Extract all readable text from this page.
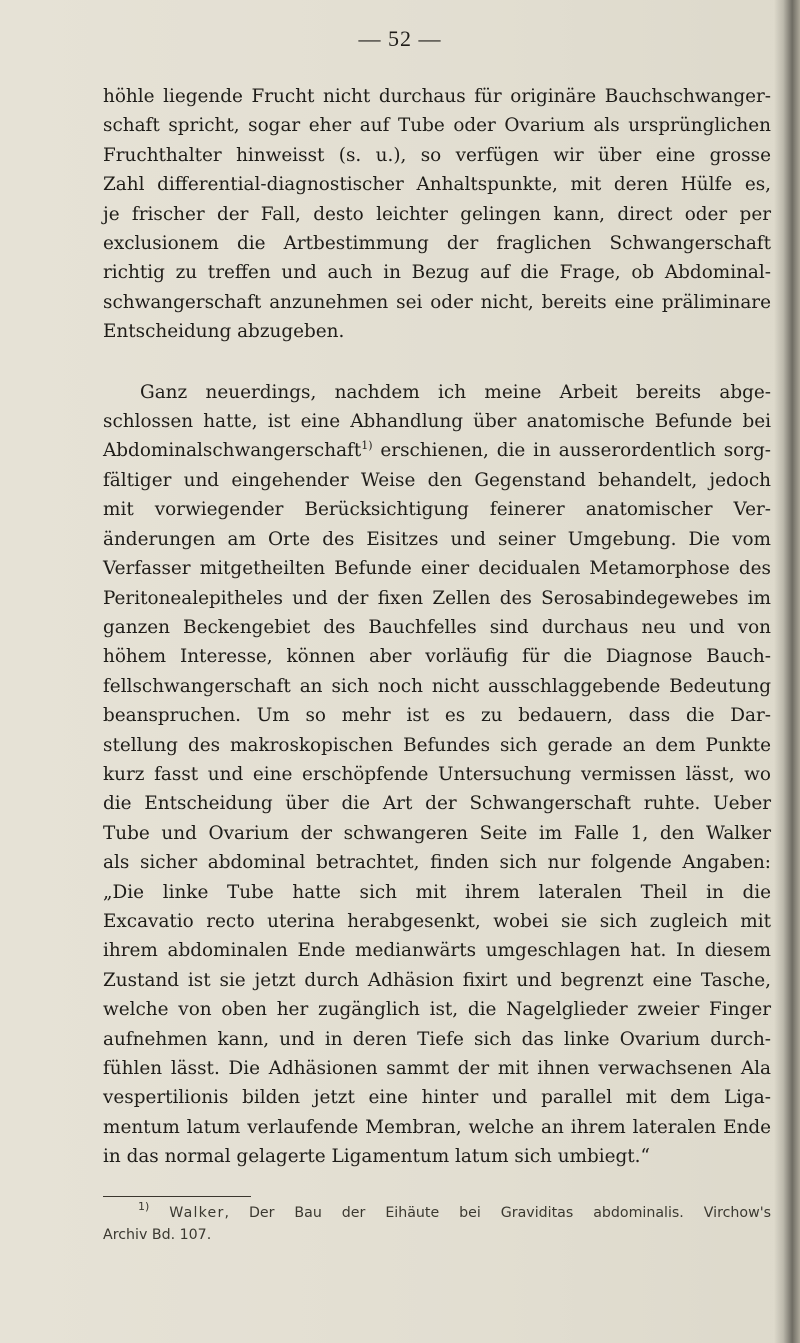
— 52 —

höhle liegende Frucht nicht durchaus für originäre Bauchschwanger-
schaft spricht, sogar eher auf Tube oder Ovarium als ursprünglichen
Fruchthalter hinweisst (s. u.), so verfügen wir über eine grosse
Zahl differential-diagnostischer Anhaltspunkte, mit deren Hülfe es,
je frischer der Fall, desto leichter gelingen kann, direct oder per
exclusionem die Artbestimmung der fraglichen Schwangerschaft
richtig zu treffen und auch in Bezug auf die Frage, ob Abdominal-
schwangerschaft anzunehmen sei oder nicht, bereits eine präliminare
Entscheidung abzugeben.

Ganz neuerdings, nachdem ich meine Arbeit bereits abge-
schlossen hatte, ist eine Abhandlung über anatomische Befunde bei
Abdominalschwangerschaft$^{1)}$ erschienen, die in ausserordentlich sorg-
fältiger und eingehender Weise den Gegenstand behandelt, jedoch
mit vorwiegender Berücksichtigung feinerer anatomischer Ver-
änderungen am Orte des Eisitzes und seiner Umgebung. Die vom
Verfasser mitgetheilten Befunde einer decidualen Metamorphose des
Peritonealepitheles und der fixen Zellen des Serosabindegewebes im
ganzen Beckengebiet des Bauchfelles sind durchaus neu und von
höhem Interesse, können aber vorläufig für die Diagnose Bauch-
fellschwangerschaft an sich noch nicht ausschlaggebende Bedeutung
beanspruchen. Um so mehr ist es zu bedauern, dass die Dar-
stellung des makroskopischen Befundes sich gerade an dem Punkte
kurz fasst und eine erschöpfende Untersuchung vermissen lässt, wo
die Entscheidung über die Art der Schwangerschaft ruhte. Ueber
Tube und Ovarium der schwangeren Seite im Falle 1, den Walker
als sicher abdominal betrachtet, finden sich nur folgende Angaben:
„Die linke Tube hatte sich mit ihrem lateralen Theil in die
Excavatio recto uterina herabgesenkt, wobei sie sich zugleich mit
ihrem abdominalen Ende medianwärts umgeschlagen hat. In diesem
Zustand ist sie jetzt durch Adhäsion fixirt und begrenzt eine Tasche,
welche von oben her zugänglich ist, die Nagelglieder zweier Finger
aufnehmen kann, und in deren Tiefe sich das linke Ovarium durch-
fühlen lässt. Die Adhäsionen sammt der mit ihnen verwachsenen Ala
vespertilionis bilden jetzt eine hinter und parallel mit dem Liga-
mentum latum verlaufende Membran, welche an ihrem lateralen Ende
in das normal gelagerte Ligamentum latum sich umbiegt.“

$^{1)}$ Walker, Der Bau der Eihäute bei Graviditas abdominalis. Virchow's
Archiv Bd. 107.
